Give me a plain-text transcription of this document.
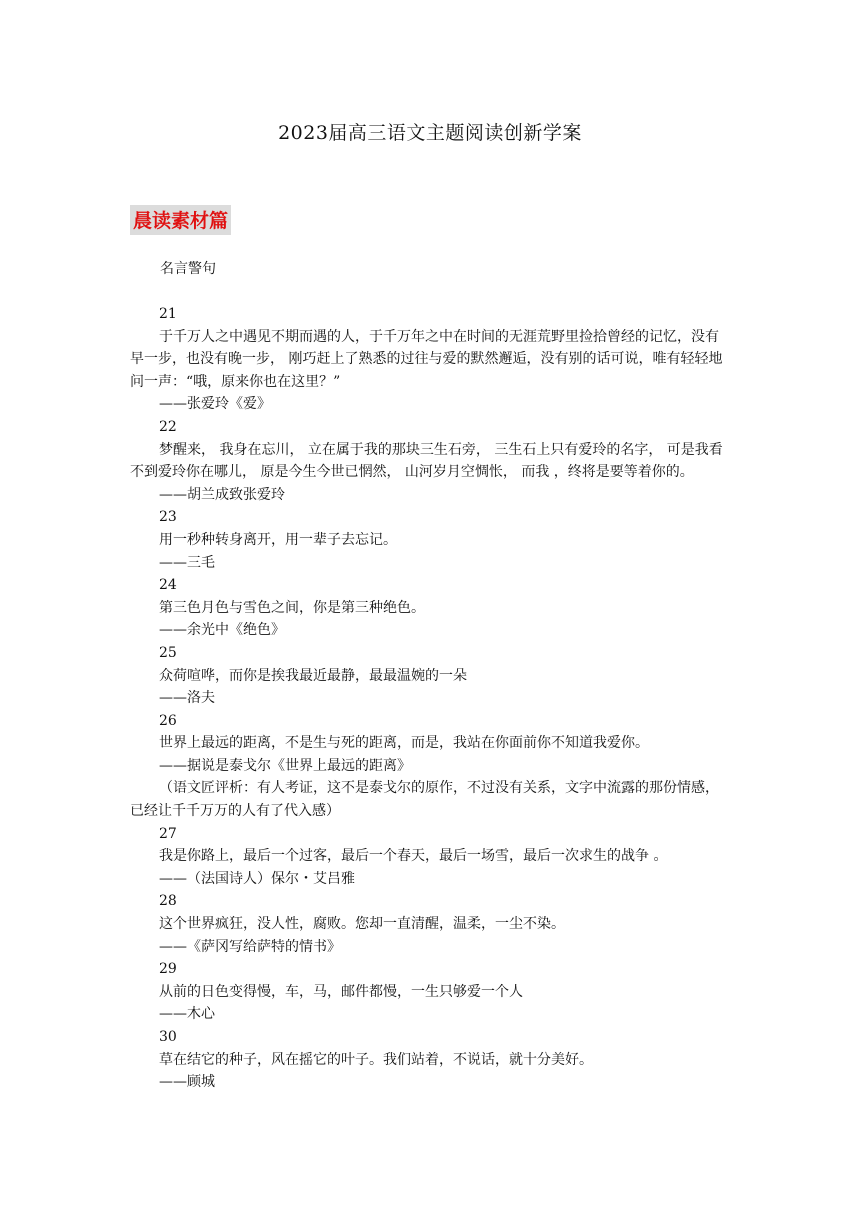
2023届高三语文主题阅读创新学案
晨读素材篇
名言警句

21

于千万人之中遇见不期而遇的人，于千万年之中在时间的无涯荒野里捡拾曾经的记忆，没有早一步，也没有晚一步， 刚巧赶上了熟悉的过往与爱的默然邂逅，没有别的话可说，唯有轻轻地问一声：“哦，原来你也在这里？”

——张爱玲《爱》

22

梦醒来， 我身在忘川， 立在属于我的那块三生石旁， 三生石上只有爱玲的名字， 可是我看不到爱玲你在哪儿， 原是今生今世已惘然， 山河岁月空惆怅， 而我 ，终将是要等着你的。

——胡兰成致张爱玲

23

用一秒种转身离开，用一辈子去忘记。

——三毛

24

第三色月色与雪色之间，你是第三种绝色。

——余光中《绝色》

25

众荷喧哗，而你是挨我最近最静，最最温婉的一朵

——洛夫

26

世界上最远的距离，不是生与死的距离，而是，我站在你面前你不知道我爱你。

——据说是泰戈尔《世界上最远的距离》

（语文匠评析：有人考证，这不是泰戈尔的原作，不过没有关系，文字中流露的那份情感，已经让千千万万的人有了代入感）

27

我是你路上，最后一个过客，最后一个春天，最后一场雪，最后一次求生的战争 。

——（法国诗人）保尔・艾吕雅

28

这个世界疯狂，没人性，腐败。您却一直清醒，温柔，一尘不染。

——《萨冈写给萨特的情书》

29

从前的日色变得慢，车，马，邮件都慢，一生只够爱一个人

——木心

30

草在结它的种子，风在摇它的叶子。我们站着，不说话，就十分美好。

——顾城
